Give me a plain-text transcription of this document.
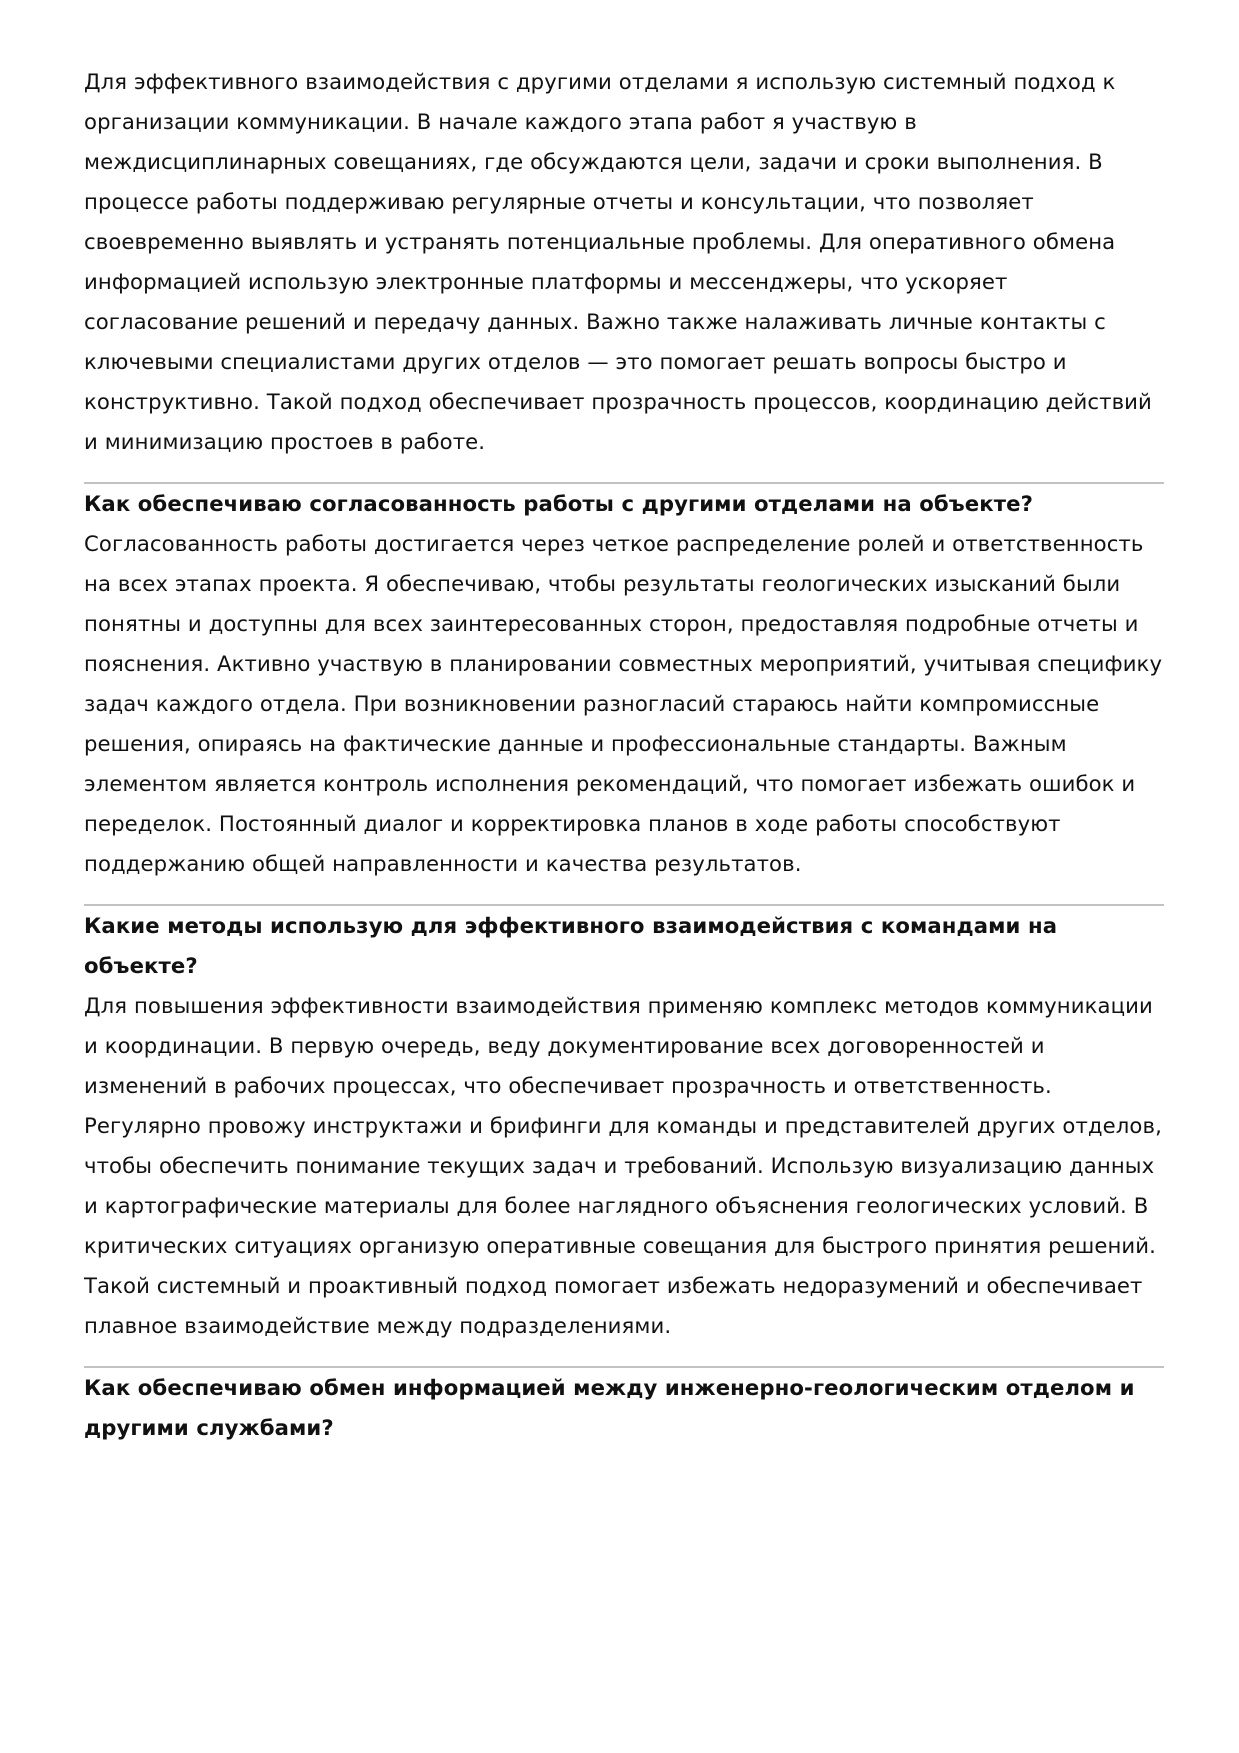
Для эффективного взаимодействия с другими отделами я использую системный подход к организации коммуникации. В начале каждого этапа работ я участвую в междисциплинарных совещаниях, где обсуждаются цели, задачи и сроки выполнения. В процессе работы поддерживаю регулярные отчеты и консультации, что позволяет своевременно выявлять и устранять потенциальные проблемы. Для оперативного обмена информацией использую электронные платформы и мессенджеры, что ускоряет согласование решений и передачу данных. Важно также налаживать личные контакты с ключевыми специалистами других отделов — это помогает решать вопросы быстро и конструктивно. Такой подход обеспечивает прозрачность процессов, координацию действий и минимизацию простоев в работе.

Как обеспечиваю согласованность работы с другими отделами на объекте?

Согласованность работы достигается через четкое распределение ролей и ответственность на всех этапах проекта. Я обеспечиваю, чтобы результаты геологических изысканий были понятны и доступны для всех заинтересованных сторон, предоставляя подробные отчеты и пояснения. Активно участвую в планировании совместных мероприятий, учитывая специфику задач каждого отдела. При возникновении разногласий стараюсь найти компромиссные решения, опираясь на фактические данные и профессиональные стандарты. Важным элементом является контроль исполнения рекомендаций, что помогает избежать ошибок и переделок. Постоянный диалог и корректировка планов в ходе работы способствуют поддержанию общей направленности и качества результатов.

Какие методы использую для эффективного взаимодействия с командами на объекте?

Для повышения эффективности взаимодействия применяю комплекс методов коммуникации и координации. В первую очередь, веду документирование всех договоренностей и изменений в рабочих процессах, что обеспечивает прозрачность и ответственность. Регулярно провожу инструктажи и брифинги для команды и представителей других отделов, чтобы обеспечить понимание текущих задач и требований. Использую визуализацию данных и картографические материалы для более наглядного объяснения геологических условий. В критических ситуациях организую оперативные совещания для быстрого принятия решений. Такой системный и проактивный подход помогает избежать недоразумений и обеспечивает плавное взаимодействие между подразделениями.

Как обеспечиваю обмен информацией между инженерно-геологическим отделом и другими службами?
